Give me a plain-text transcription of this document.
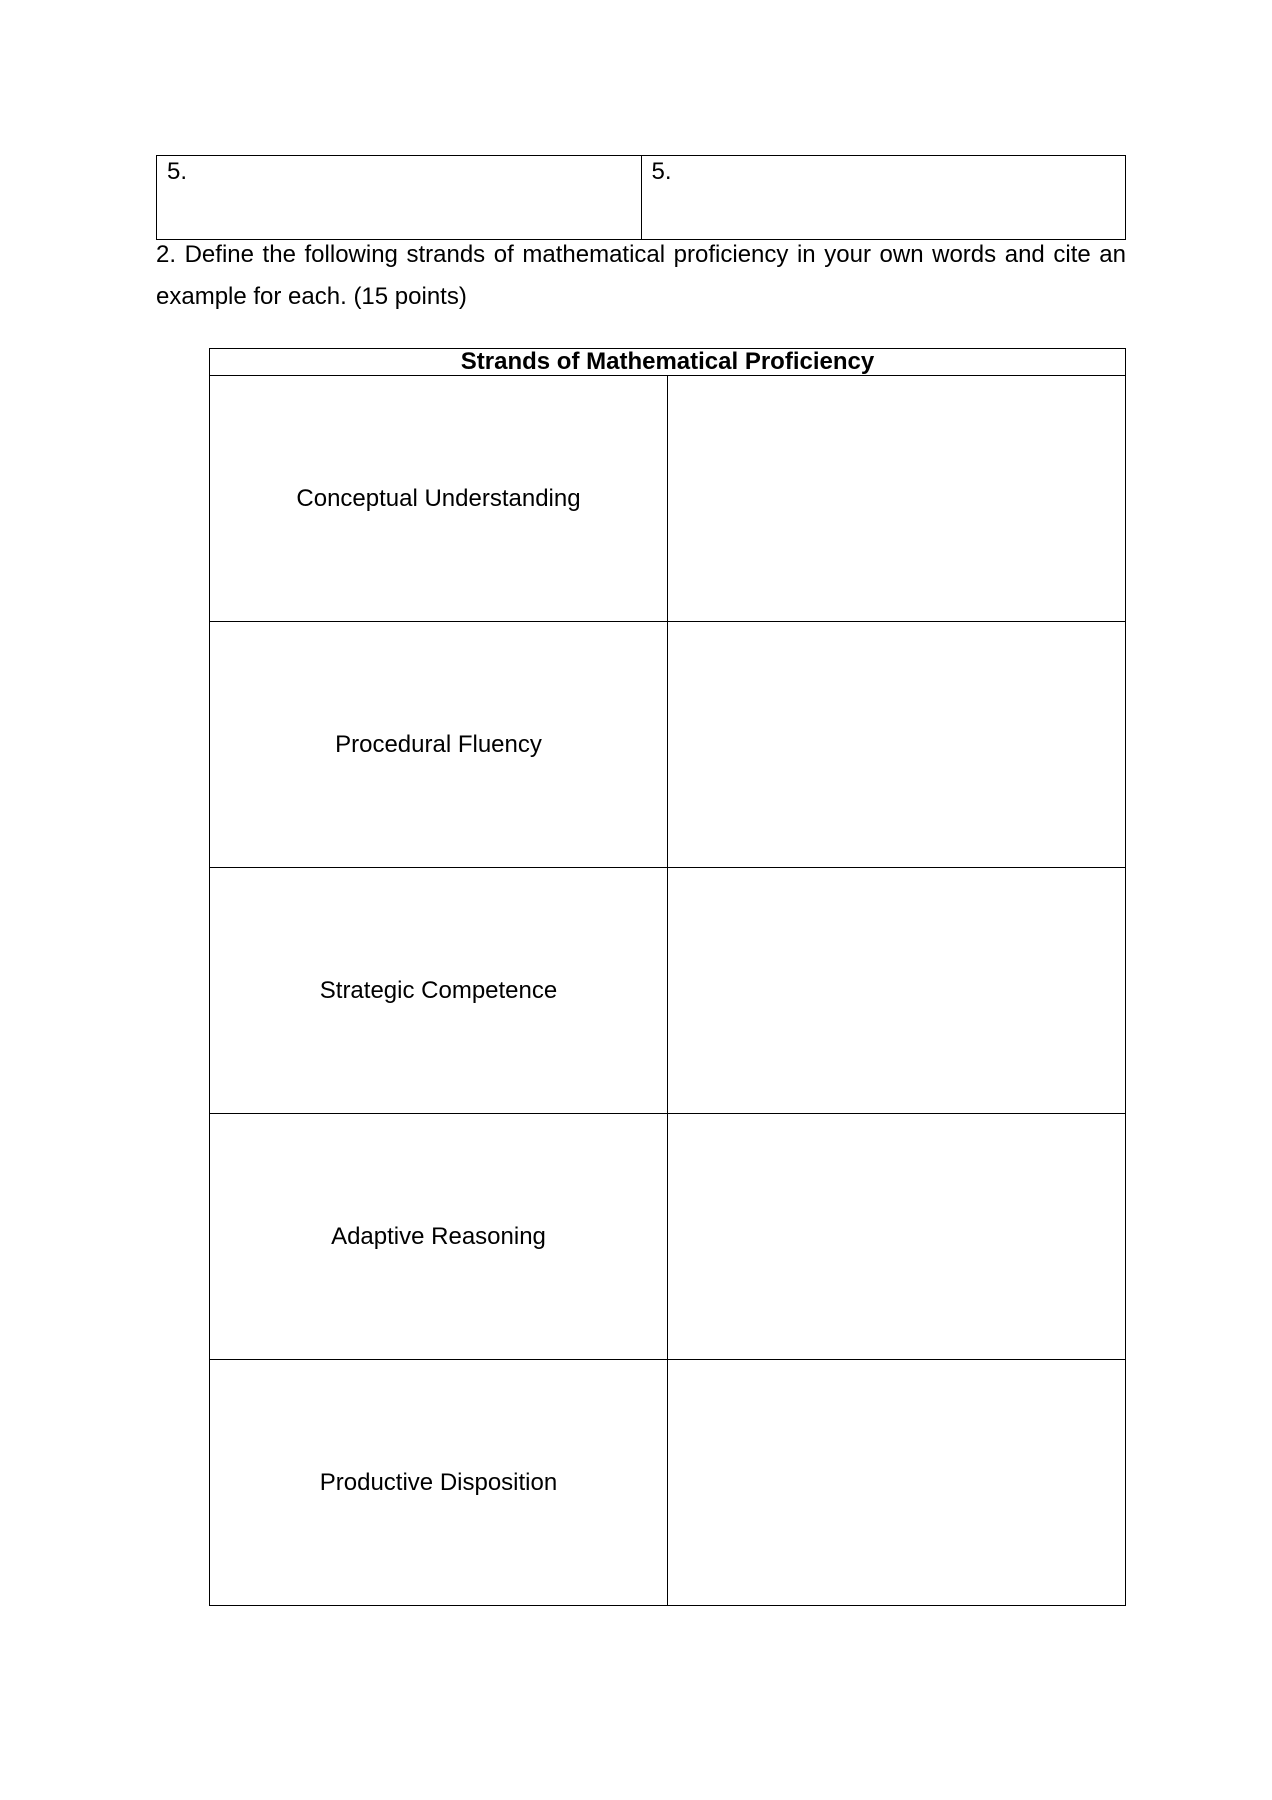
5.	5.

2. Define the following strands of mathematical proficiency in your own words and cite an example for each. (15 points)

Strands of Mathematical Proficiency	
Conceptual Understanding	
Procedural Fluency	
Strategic Competence	
Adaptive Reasoning	
Productive Disposition	
